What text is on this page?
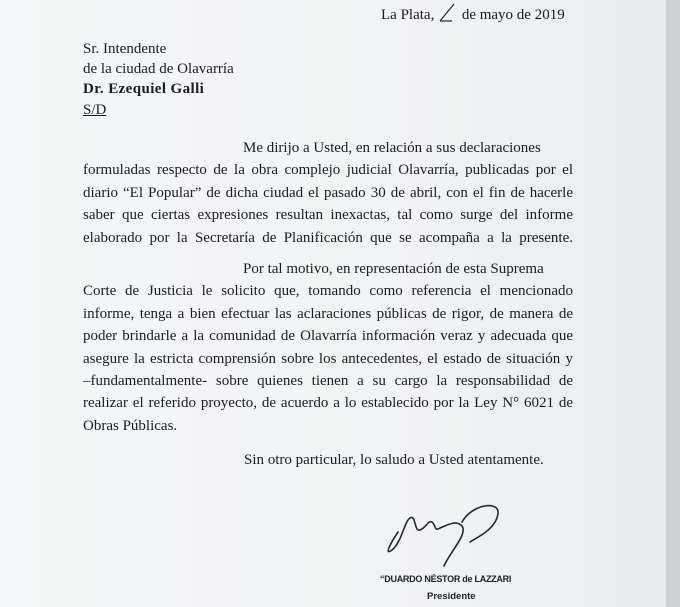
La Plata, de mayo de 2019
Sr. Intendente
de la ciudad de Olavarría
Dr. Ezequiel Galli
S/D
Me dirijo a Usted, en relación a sus declaraciones
formuladas respecto de la obra complejo judicial Olavarría, publicadas por el
diario “El Popular” de dicha ciudad el pasado 30 de abril, con el fin de hacerle
saber que ciertas expresiones resultan inexactas, tal como surge del informe
elaborado por la Secretaría de Planificación que se acompaña a la presente.
Por tal motivo, en representación de esta Suprema
Corte de Justicia le solicito que, tomando como referencia el mencionado
informe, tenga a bien efectuar las aclaraciones públicas de rigor, de manera de
poder brindarle a la comunidad de Olavarría información veraz y adecuada que
asegure la estricta comprensión sobre los antecedentes, el estado de situación y
–fundamentalmente- sobre quienes tienen a su cargo la responsabilidad de
realizar el referido proyecto, de acuerdo a lo establecido por la Ley N° 6021 de
Obras Públicas.
Sin otro particular, lo saludo a Usted atentamente.
“DUARDO NÉSTOR de LAZZARI
Presidente
